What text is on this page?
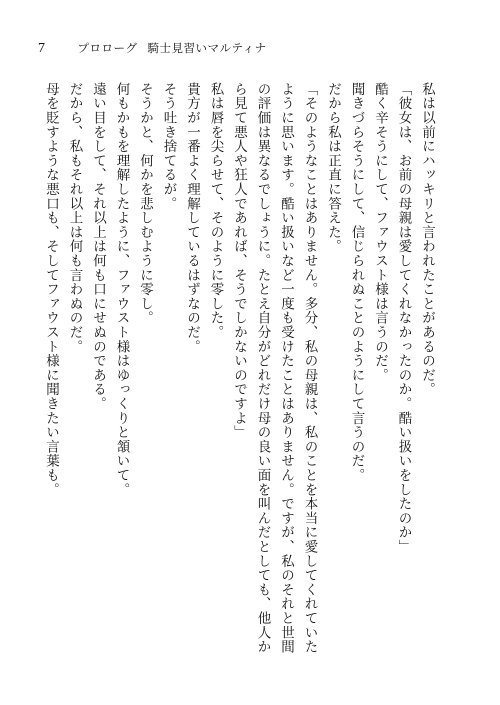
7	プロローグ 騎士見習いマルティナ
私は以前にハッキリと言われたことがあるのだ。
「彼女は、お前の母親は愛してくれなかったのか。酷い扱いをしたのか」
酷く辛そうにして、ファウスト様は言うのだ。
聞きづらそうにして、信じられぬことのようにして言うのだ。
だから私は正直に答えた。
「そのようなことはありません。多分、私の母親は、私のことを本当に愛してくれていた
ように思います。酷い扱いなど一度も受けたことはありません。ですが、私のそれと世間
の評価は異なるでしょうに。たとえ自分がどれだけ母の良い面を叫んだとしても、他人か
ら見て悪人や狂人であれば、そうでしかないのですよ」
私は唇を尖らせて、そのように零した。
貴方が一番よく理解しているはずなのだ。
そう吐き捨てるが。
そうかと、何かを悲しむように零し。
何もかもを理解したように、ファウスト様はゆっくりと頷いて。
遠い目をして、それ以上は何も口にせぬのである。
だから、私もそれ以上は何も言わぬのだ。
母を貶すような悪口も、そしてファウスト様に聞きたい言葉も。
